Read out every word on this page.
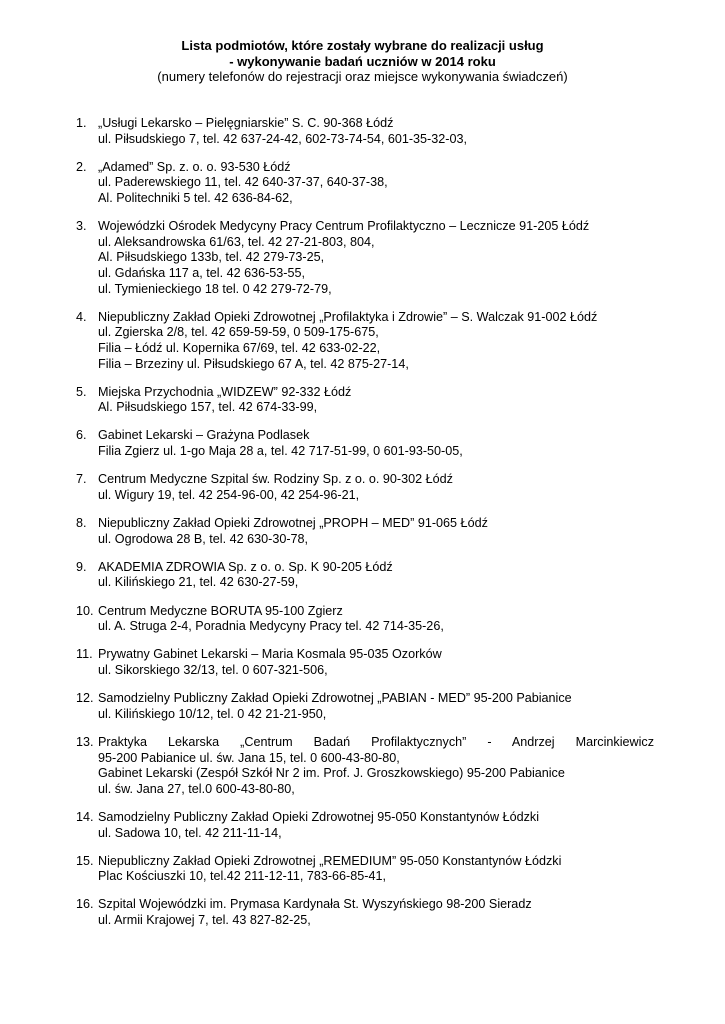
Lista podmiotów, które zostały wybrane do realizacji usług
- wykonywanie badań uczniów w 2014 roku
(numery telefonów do rejestracji oraz miejsce wykonywania świadczeń)
1. „Usługi Lekarsko – Pielęgniarskie” S. C. 90-368 Łódź
ul. Piłsudskiego 7, tel. 42 637-24-42, 602-73-74-54, 601-35-32-03,
2. „Adamed” Sp. z. o. o. 93-530 Łódź
ul. Paderewskiego 11, tel. 42 640-37-37, 640-37-38,
Al. Politechniki 5 tel. 42 636-84-62,
3. Wojewódzki Ośrodek Medycyny Pracy Centrum Profilaktyczno – Lecznicze 91-205 Łódź
ul. Aleksandrowska 61/63, tel. 42 27-21-803, 804,
Al. Piłsudskiego 133b, tel. 42 279-73-25,
ul. Gdańska 117 a, tel. 42 636-53-55,
ul. Tymienieckiego 18 tel. 0 42 279-72-79,
4. Niepubliczny Zakład Opieki Zdrowotnej „Profilaktyka i Zdrowie” – S. Walczak 91-002 Łódź
ul. Zgierska 2/8, tel. 42 659-59-59, 0 509-175-675,
Filia – Łódź ul. Kopernika 67/69, tel. 42 633-02-22,
Filia – Brzeziny ul. Piłsudskiego 67 A, tel. 42 875-27-14,
5. Miejska Przychodnia „WIDZEW” 92-332 Łódź
Al. Piłsudskiego 157, tel. 42 674-33-99,
6. Gabinet Lekarski – Grażyna Podlasek
Filia Zgierz ul. 1-go Maja 28 a, tel. 42 717-51-99, 0 601-93-50-05,
7. Centrum Medyczne Szpital św. Rodziny Sp. z o. o. 90-302 Łódź
ul. Wigury 19, tel. 42 254-96-00, 42 254-96-21,
8. Niepubliczny Zakład Opieki Zdrowotnej „PROPH – MED” 91-065 Łódź
ul. Ogrodowa 28 B, tel. 42 630-30-78,
9. AKADEMIA ZDROWIA Sp. z o. o. Sp. K 90-205 Łódź
ul. Kilińskiego 21, tel. 42 630-27-59,
10. Centrum Medyczne BORUTA 95-100 Zgierz
ul. A. Struga 2-4, Poradnia Medycyny Pracy tel. 42 714-35-26,
11. Prywatny Gabinet Lekarski – Maria Kosmala 95-035 Ozorków
ul. Sikorskiego 32/13, tel. 0 607-321-506,
12. Samodzielny Publiczny Zakład Opieki Zdrowotnej „PABIAN - MED” 95-200 Pabianice
ul. Kilińskiego 10/12, tel. 0 42 21-21-950,
13. Praktyka Lekarska „Centrum Badań Profilaktycznych” - Andrzej Marcinkiewicz
95-200 Pabianice ul. św. Jana 15, tel. 0 600-43-80-80,
Gabinet Lekarski (Zespół Szkół Nr 2 im. Prof. J. Groszkowskiego) 95-200 Pabianice
ul. św. Jana 27, tel.0 600-43-80-80,
14. Samodzielny Publiczny Zakład Opieki Zdrowotnej 95-050 Konstantynów Łódzki
ul. Sadowa 10, tel. 42 211-11-14,
15. Niepubliczny Zakład Opieki Zdrowotnej „REMEDIUM” 95-050 Konstantynów Łódzki
Plac Kościuszki 10, tel.42 211-12-11, 783-66-85-41,
16. Szpital Wojewódzki im. Prymasa Kardynała St. Wyszyńskiego 98-200 Sieradz
ul. Armii Krajowej 7, tel. 43 827-82-25,
